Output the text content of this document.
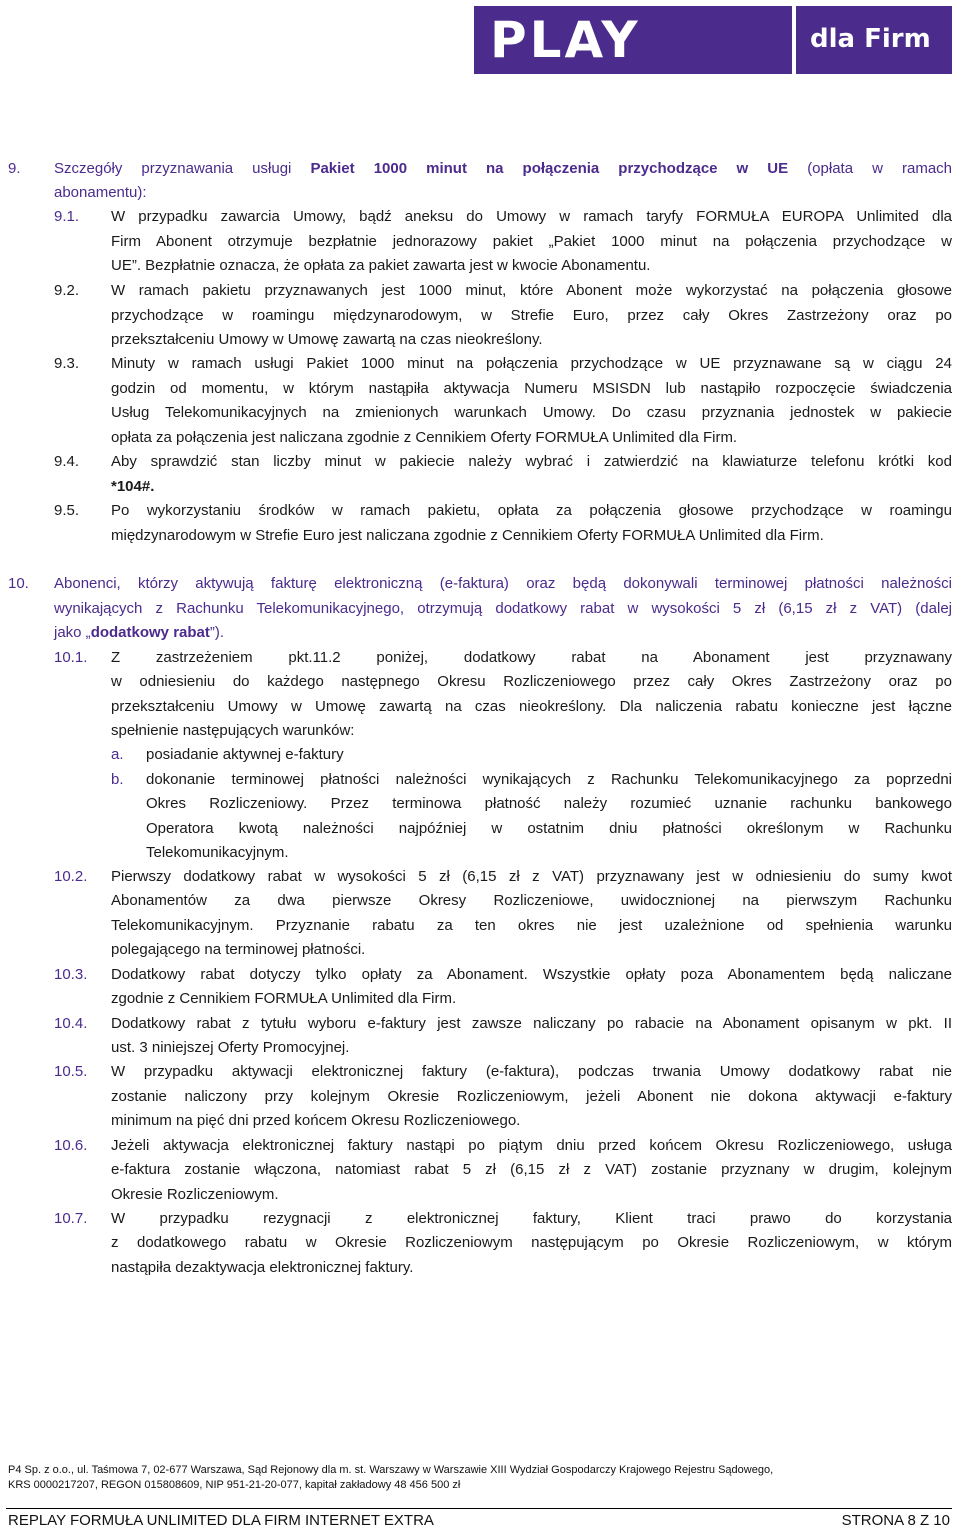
PLAY	dla Firm
9. Szczegóły przyznawania usługi Pakiet 1000 minut na połączenia przychodzące w UE (opłata w ramach
abonamentu):
9.1. W przypadku zawarcia Umowy, bądź aneksu do Umowy w ramach taryfy FORMUŁA EUROPA Unlimited dla
Firm Abonent otrzymuje bezpłatnie jednorazowy pakiet „Pakiet 1000 minut na połączenia przychodzące w
UE”. Bezpłatnie oznacza, że opłata za pakiet zawarta jest w kwocie Abonamentu.
9.2. W ramach pakietu przyznawanych jest 1000 minut, które Abonent może wykorzystać na połączenia głosowe
przychodzące w roamingu międzynarodowym, w Strefie Euro, przez cały Okres Zastrzeżony oraz po
przekształceniu Umowy w Umowę zawartą na czas nieokreślony.
9.3. Minuty w ramach usługi Pakiet 1000 minut na połączenia przychodzące w UE przyznawane są w ciągu 24
godzin od momentu, w którym nastąpiła aktywacja Numeru MSISDN lub nastąpiło rozpoczęcie świadczenia
Usług Telekomunikacyjnych na zmienionych warunkach Umowy. Do czasu przyznania jednostek w pakiecie
opłata za połączenia jest naliczana zgodnie z Cennikiem Oferty FORMUŁA Unlimited dla Firm.
9.4. Aby sprawdzić stan liczby minut w pakiecie należy wybrać i zatwierdzić na klawiaturze telefonu krótki kod
*104#.
9.5. Po wykorzystaniu środków w ramach pakietu, opłata za połączenia głosowe przychodzące w roamingu
międzynarodowym w Strefie Euro jest naliczana zgodnie z Cennikiem Oferty FORMUŁA Unlimited dla Firm.
10. Abonenci, którzy aktywują fakturę elektroniczną (e-faktura) oraz będą dokonywali terminowej płatności należności
wynikających z Rachunku Telekomunikacyjnego, otrzymują dodatkowy rabat w wysokości 5 zł (6,15 zł z VAT) (dalej
jako „dodatkowy rabat”).
10.1. Z zastrzeżeniem pkt.11.2 poniżej, dodatkowy rabat na Abonament jest przyznawany
w odniesieniu do każdego następnego Okresu Rozliczeniowego przez cały Okres Zastrzeżony oraz po
przekształceniu Umowy w Umowę zawartą na czas nieokreślony. Dla naliczenia rabatu konieczne jest łączne
spełnienie następujących warunków:
a. posiadanie aktywnej e-faktury
b. dokonanie terminowej płatności należności wynikających z Rachunku Telekomunikacyjnego za poprzedni
Okres Rozliczeniowy. Przez terminowa płatność należy rozumieć uznanie rachunku bankowego
Operatora kwotą należności najpóźniej w ostatnim dniu płatności określonym w Rachunku
Telekomunikacyjnym.
10.2. Pierwszy dodatkowy rabat w wysokości 5 zł (6,15 zł z VAT) przyznawany jest w odniesieniu do sumy kwot
Abonamentów za dwa pierwsze Okresy Rozliczeniowe, uwidocznionej na pierwszym Rachunku
Telekomunikacyjnym. Przyznanie rabatu za ten okres nie jest uzależnione od spełnienia warunku
polegającego na terminowej płatności.
10.3. Dodatkowy rabat dotyczy tylko opłaty za Abonament. Wszystkie opłaty poza Abonamentem będą naliczane
zgodnie z Cennikiem FORMUŁA Unlimited dla Firm.
10.4. Dodatkowy rabat z tytułu wyboru e-faktury jest zawsze naliczany po rabacie na Abonament opisanym w pkt. II
ust. 3 niniejszej Oferty Promocyjnej.
10.5. W przypadku aktywacji elektronicznej faktury (e-faktura), podczas trwania Umowy dodatkowy rabat nie
zostanie naliczony przy kolejnym Okresie Rozliczeniowym, jeżeli Abonent nie dokona aktywacji e-faktury
minimum na pięć dni przed końcem Okresu Rozliczeniowego.
10.6. Jeżeli aktywacja elektronicznej faktury nastąpi po piątym dniu przed końcem Okresu Rozliczeniowego, usługa
e-faktura zostanie włączona, natomiast rabat 5 zł (6,15 zł z VAT) zostanie przyznany w drugim, kolejnym
Okresie Rozliczeniowym.
10.7. W przypadku rezygnacji z elektronicznej faktury, Klient traci prawo do korzystania
z dodatkowego rabatu w Okresie Rozliczeniowym następującym po Okresie Rozliczeniowym, w którym
nastąpiła dezaktywacja elektronicznej faktury.
P4 Sp. z o.o., ul. Taśmowa 7, 02-677 Warszawa, Sąd Rejonowy dla m. st. Warszawy w Warszawie XIII Wydział Gospodarczy Krajowego Rejestru Sądowego,
KRS 0000217207, REGON 015808609, NIP 951-21-20-077, kapitał zakładowy 48 456 500 zł
REPLAY FORMUŁA UNLIMITED DLA FIRM INTERNET EXTRA	STRONA 8 Z 10
